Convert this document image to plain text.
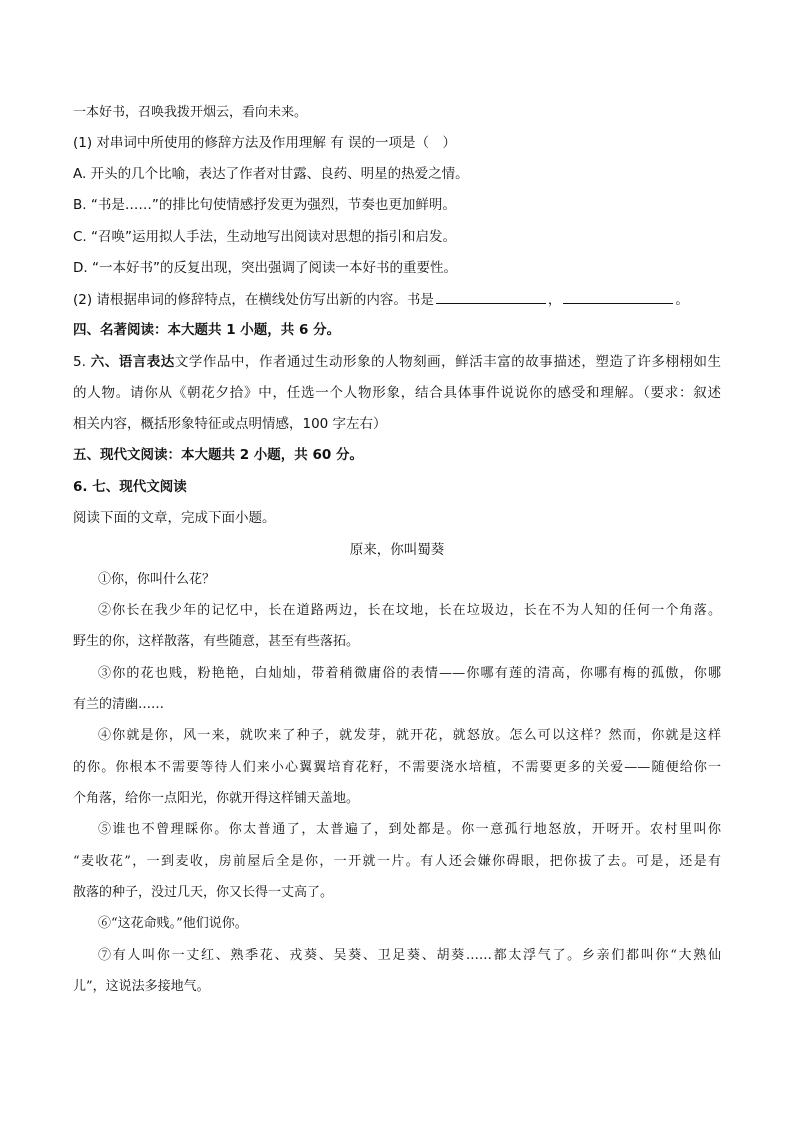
一本好书，召唤我拨开烟云，看向未来。
(1) 对串词中所使用的修辞方法及作用理解 有 误的一项是（　）
A. 开头的几个比喻，表达了作者对甘露、良药、明星的热爱之情。
B. “书是……”的排比句使情感抒发更为强烈，节奏也更加鲜明。
C. “召唤”运用拟人手法，生动地写出阅读对思想的指引和启发。
D. “一本好书”的反复出现，突出强调了阅读一本好书的重要性。
(2) 请根据串词的修辞特点，在横线处仿写出新的内容。书是	，	。
四、名著阅读：本大题共 1 小题，共 6 分。
5. 六、语言表达文学作品中，作者通过生动形象的人物刻画，鲜活丰富的故事描述，塑造了许多栩栩如生
的人物。请你从《朝花夕拾》中，任选一个人物形象，结合具体事件说说你的感受和理解。（要求：叙述
相关内容，概括形象特征或点明情感，100 字左右）
五、现代文阅读：本大题共 2 小题，共 60 分。
6. 七、现代文阅读
阅读下面的文章，完成下面小题。
原来，你叫蜀葵
①你，你叫什么花？
②你长在我少年的记忆中，长在道路两边，长在坟地，长在垃圾边，长在不为人知的任何一个角落。
野生的你，这样散落，有些随意，甚至有些落拓。
③你的花也贱，粉艳艳，白灿灿，带着稍微庸俗的表情——你哪有莲的清高，你哪有梅的孤傲，你哪
有兰的清幽……
④你就是你，风一来，就吹来了种子，就发芽，就开花，就怒放。怎么可以这样？然而，你就是这样
的你。你根本不需要等待人们来小心翼翼培育花籽，不需要浇水培植，不需要更多的关爱——随便给你一
个角落，给你一点阳光，你就开得这样铺天盖地。
⑤谁也不曾理睬你。你太普通了，太普遍了，到处都是。你一意孤行地怒放，开呀开。农村里叫你
“麦收花”，一到麦收，房前屋后全是你，一开就一片。有人还会嫌你碍眼，把你拔了去。可是，还是有
散落的种子，没过几天，你又长得一丈高了。
⑥“这花命贱。”他们说你。
⑦有人叫你一丈红、熟季花、戎葵、吴葵、卫足葵、胡葵……都太浮气了。乡亲们都叫你“大熟仙
儿”，这说法多接地气。
